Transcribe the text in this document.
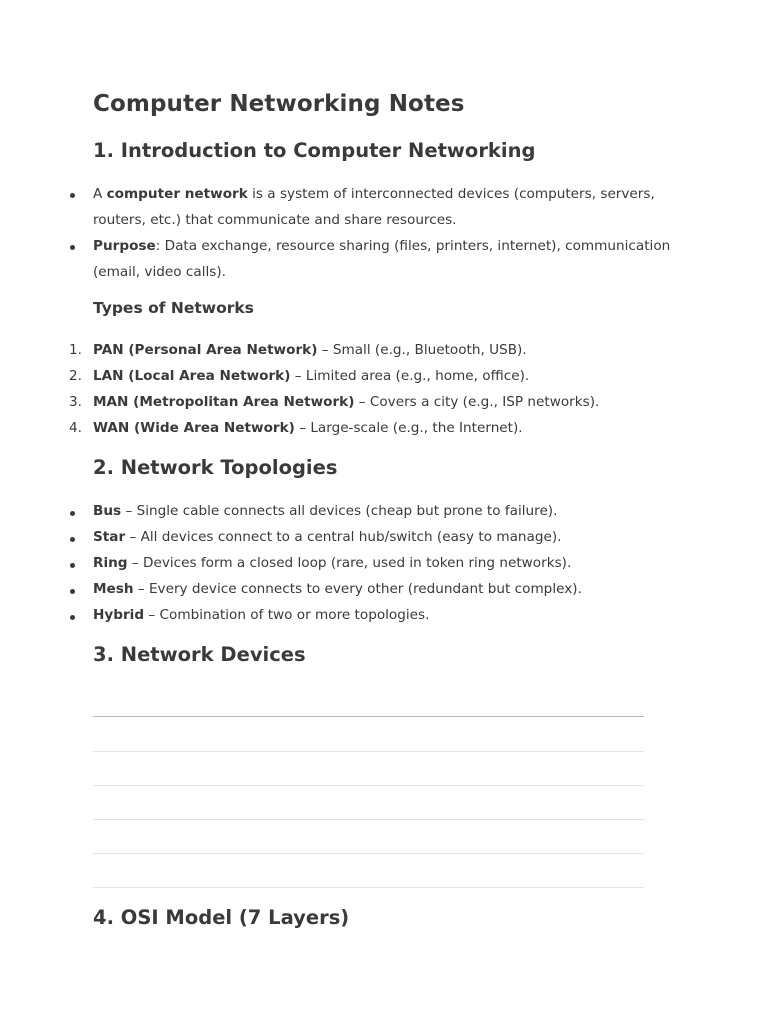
Computer Networking Notes
1. Introduction to Computer Networking
A computer network is a system of interconnected devices (computers, servers,
routers, etc.) that communicate and share resources.
Purpose: Data exchange, resource sharing (files, printers, internet), communication
(email, video calls).
Types of Networks
1. PAN (Personal Area Network) – Small (e.g., Bluetooth, USB).
2. LAN (Local Area Network) – Limited area (e.g., home, office).
3. MAN (Metropolitan Area Network) – Covers a city (e.g., ISP networks).
4. WAN (Wide Area Network) – Large-scale (e.g., the Internet).
2. Network Topologies
Bus – Single cable connects all devices (cheap but prone to failure).
Star – All devices connect to a central hub/switch (easy to manage).
Ring – Devices form a closed loop (rare, used in token ring networks).
Mesh – Every device connects to every other (redundant but complex).
Hybrid – Combination of two or more topologies.
3. Network Devices
4. OSI Model (7 Layers)
